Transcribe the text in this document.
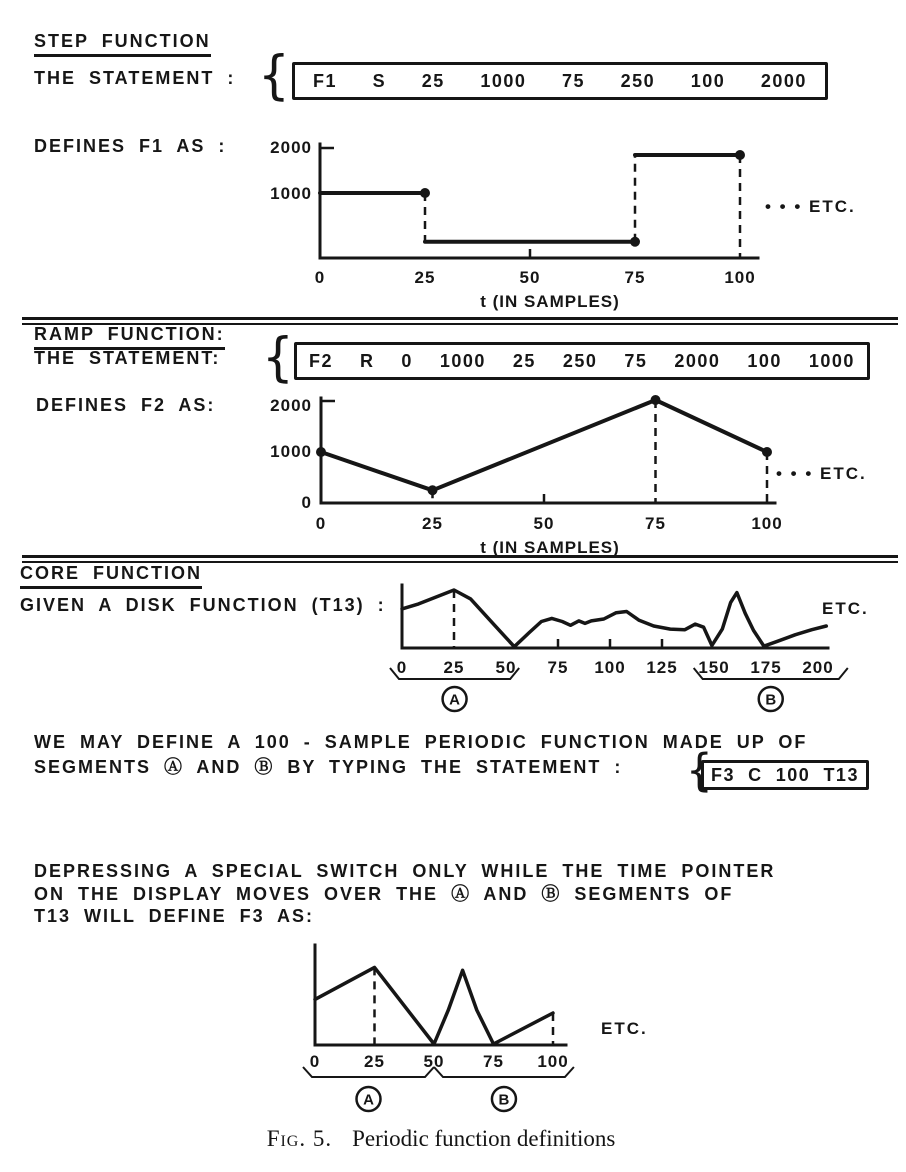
STEP FUNCTION
THE STATEMENT : { F1 S 25 1000 75 250 100 2000
DEFINES F1 AS :
0	25	50	75	100
1000
2000
t (IN SAMPLES)
• • • ETC.
RAMP FUNCTION:
THE STATEMENT: { F2 R 0 1000 25 250 75 2000 100 1000
DEFINES F2 AS:
0	25	50	75	100
0
1000
2000
t (IN SAMPLES)
• • • ETC.
CORE FUNCTION
GIVEN A DISK FUNCTION (T13) :
0 25 50 75 100 125 150 175 200
A	B
ETC.
WE MAY DEFINE A 100 - SAMPLE PERIODIC FUNCTION MADE UP OF
SEGMENTS Ⓐ AND Ⓑ BY TYPING THE STATEMENT : {
F3 C 100 T13
DEPRESSING A SPECIAL SWITCH ONLY WHILE THE TIME POINTER
ON THE DISPLAY MOVES OVER THE Ⓐ AND Ⓑ SEGMENTS OF
T13 WILL DEFINE F3 AS:
0	25 50 75 100
A	B
ETC.
Fig. 5. Periodic function definitions
